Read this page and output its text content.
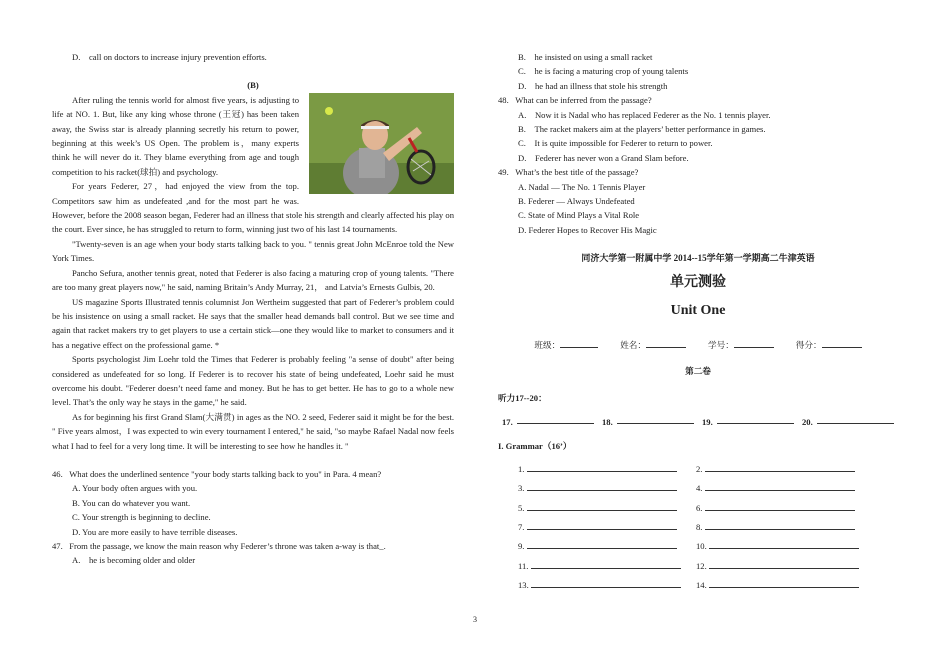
D.    call on doctors to increase injury prevention efforts.

(B)

After ruling the tennis world for almost five years, is adjusting to life at NO. 1. But, like any king whose throne (王冠) has been taken away, the Swiss star is already planning secretly his return to power, beginning at this week’s US Open. The problem is，many experts think he will never do it. They blame everything from age and tough competition to his racket(球拍) and psychology.

For years Federer, 27，had enjoyed the view from the top. Competitors saw him as undefeated ,and for the most part he was. However, before the 2008 season began, Federer had an illness that stole his strength and clearly affected his play on the court. Ever since, he has struggled to return to form, winning just two of his last 14 tournaments.

"Twenty-seven is an age when your body starts talking back to you. " tennis great John McEnroe told the New York Times.

Pancho Sefura, another tennis great, noted that Federer is also facing a maturing crop of young talents. "There are too many great players now," he said, naming Britain’s Andy Murray, 21， and Latvia’s Ernests Gulbis, 20.

US magazine Sports Illustrated tennis columnist Jon Wertheim suggested that part of Federer’s problem could be his insistence on using a small racket. He says that the smaller head demands ball control. But we see time and again that racket makers try to get players to use a certain stick—one they would like to market to consumers and it has a negative effect on the professional game. *

Sports psychologist Jim Loehr told the Times that Federer is probably feeling "a sense of doubt" after being considered as undefeated for so long. If Federer is to recover his state of being undefeated, Loehr said he must overcome his doubt. "Federer doesn’t need fame and money. But he has to get better. He has to go to a whole new level. That’s the only way he stays in the game," he said.

As for beginning his first Grand Slam(大满贯) in ages as the NO. 2 seed, Federer said it might be for the best. " Five years almost，I was expected to win every tournament I entered," he said, "so maybe Rafael Nadal now feels what I had to feel for a very long time. It will be interesting to see how he handles it. "

46.   What does the underlined sentence "your body starts talking back to you" in Para. 4 mean?

A. Your body often argues with you.

B. You can do whatever you want.

C. Your strength is beginning to decline.

D. You are more easily to have terrible diseases.

47.   From the passage, we know the main reason why Federer’s throne was taken a-way is that_.

A.    he is becoming older and older

B.    he insisted on using a small racket

C.    he is facing a maturing crop of young talents

D.    he had an illness that stole his strength

48.   What can be inferred from the passage?

A.    Now it is Nadal who has replaced Federer as the No. 1 tennis player.

B.    The racket makers aim at the players’ better performance in games.

C.    It is quite impossible for Federer to return to power.

D.    Federer has never won a Grand Slam before.

49.   What’s the best title of the passage?

A. Nadal — The No. 1 Tennis Player

B. Federer — Always Undefeated

C. State of Mind Plays a Vital Role

D. Federer Hopes to Recover His Magic

同济大学第一附属中学 2014--15学年第一学期高二牛津英语

单元测验

Unit One

班级：	姓名：	学号：	得分：

第二卷

听力17--20：

17.	18.	19.	20.

I. Grammar（16’）

1.	2.
3.	4.
5.	6.
7.	8.
9.	10.
11.	12.
13.	14.
3
